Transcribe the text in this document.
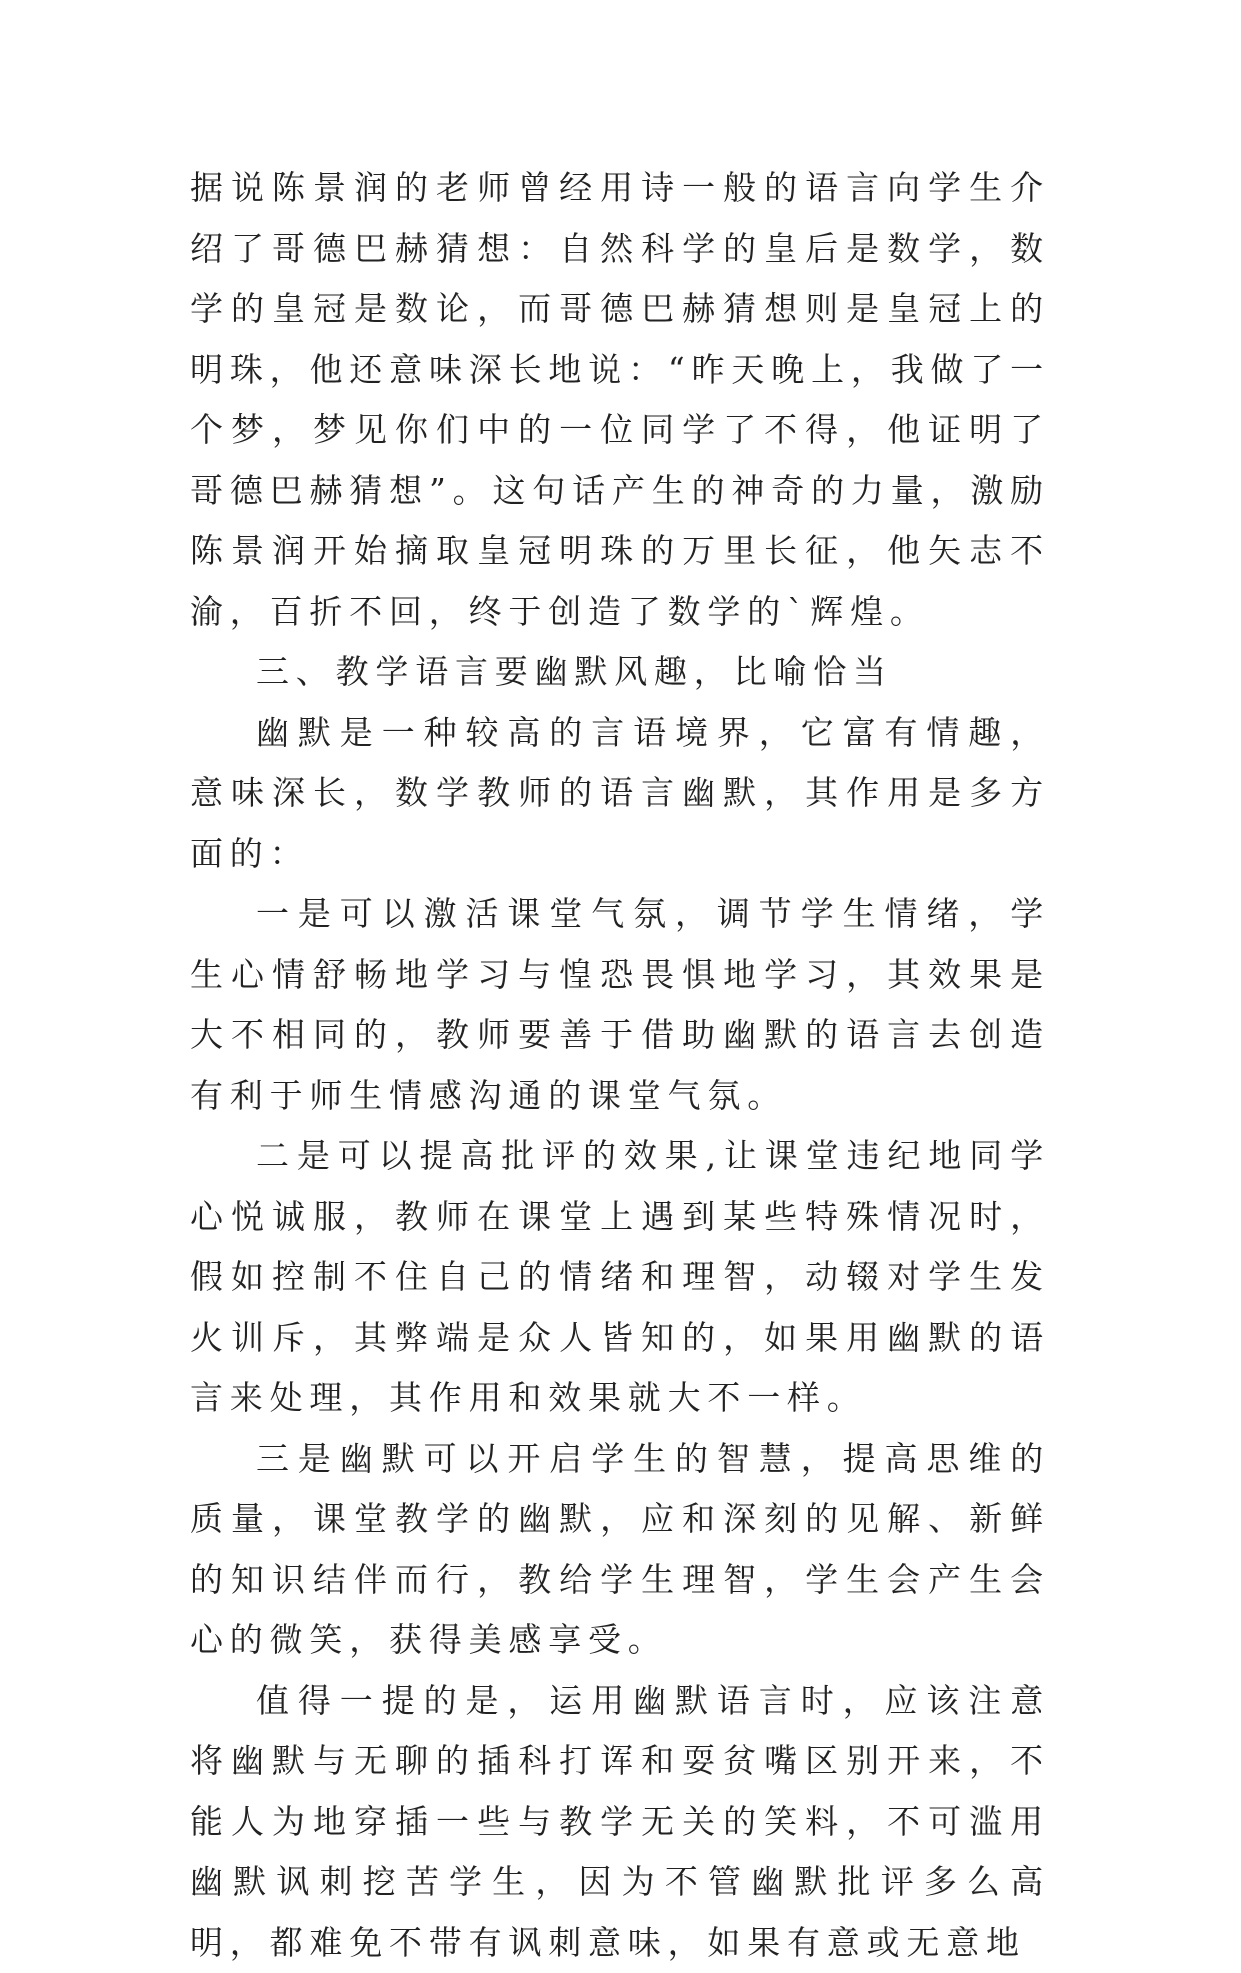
据说陈景润的老师曾经用诗一般的语言向学生介绍了哥德巴赫猜想：自然科学的皇后是数学，数学的皇冠是数论，而哥德巴赫猜想则是皇冠上的明珠，他还意味深长地说：“昨天晚上，我做了一个梦，梦见你们中的一位同学了不得，他证明了哥德巴赫猜想”。这句话产生的神奇的力量，激励陈景润开始摘取皇冠明珠的万里长征，他矢志不渝，百折不回，终于创造了数学的`辉煌。

三、教学语言要幽默风趣，比喻恰当

幽默是一种较高的言语境界，它富有情趣，意味深长，数学教师的语言幽默，其作用是多方面的：

一是可以激活课堂气氛，调节学生情绪，学生心情舒畅地学习与惶恐畏惧地学习，其效果是大不相同的，教师要善于借助幽默的语言去创造有利于师生情感沟通的课堂气氛。

二是可以提高批评的效果,让课堂违纪地同学心悦诚服，教师在课堂上遇到某些特殊情况时，假如控制不住自己的情绪和理智，动辍对学生发火训斥，其弊端是众人皆知的，如果用幽默的语言来处理，其作用和效果就大不一样。

三是幽默可以开启学生的智慧，提高思维的质量，课堂教学的幽默，应和深刻的见解、新鲜的知识结伴而行，教给学生理智，学生会产生会心的微笑，获得美感享受。

值得一提的是，运用幽默语言时，应该注意将幽默与无聊的插科打诨和耍贫嘴区别开来，不能人为地穿插一些与教学无关的笑料，不可滥用幽默讽刺挖苦学生，因为不管幽默批评多么高明，都难免不带有讽刺意味，如果有意或无意地
